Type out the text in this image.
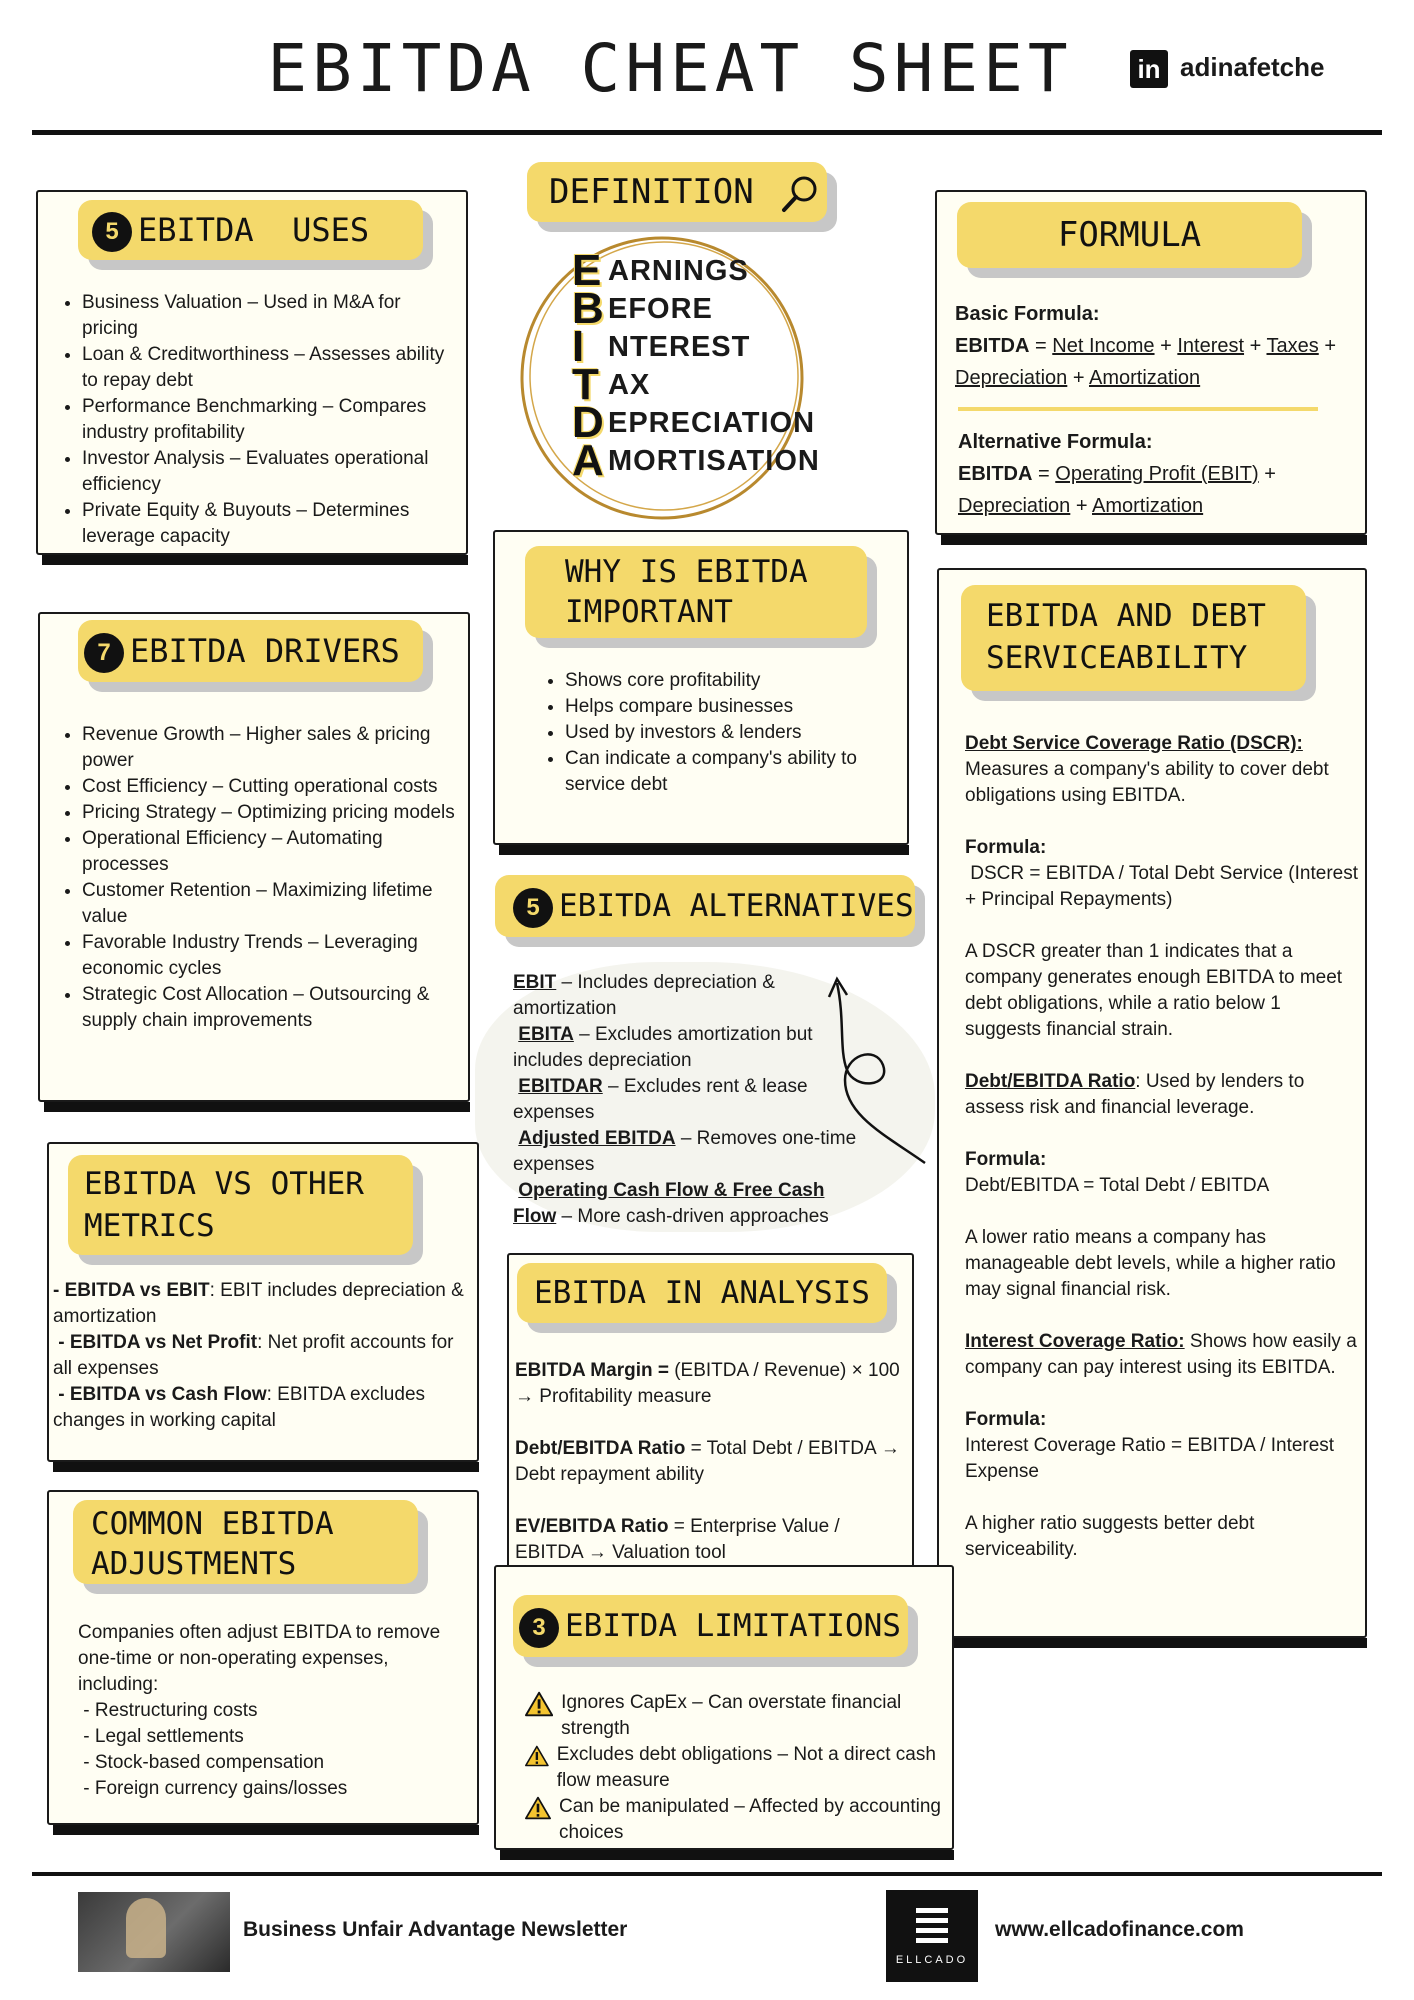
EBITDA CHEAT SHEET	in adinafetche
5 EBITDA  USES
• Business Valuation – Used in M&A for pricing
• Loan & Creditworthiness – Assesses ability to repay debt
• Performance Benchmarking – Compares industry profitability
• Investor Analysis – Evaluates operational efficiency
• Private Equity & Buyouts – Determines leverage capacity
DEFINITION
E ARNINGS
B EFORE
I NTEREST
T AX
D EPRECIATION
A MORTISATION
FORMULA
Basic Formula:
EBITDA = Net Income + Interest + Taxes + Depreciation + Amortization
Alternative Formula:
EBITDA = Operating Profit (EBIT) + Depreciation + Amortization
7 EBITDA DRIVERS
• Revenue Growth – Higher sales & pricing power
• Cost Efficiency – Cutting operational costs
• Pricing Strategy – Optimizing pricing models
• Operational Efficiency – Automating processes
• Customer Retention – Maximizing lifetime value
• Favorable Industry Trends – Leveraging economic cycles
• Strategic Cost Allocation – Outsourcing & supply chain improvements
WHY IS EBITDA IMPORTANT
• Shows core profitability
• Helps compare businesses
• Used by investors & lenders
• Can indicate a company's ability to service debt
5 EBITDA ALTERNATIVES
EBIT – Includes depreciation & amortization
EBITA – Excludes amortization but includes depreciation
EBITDAR – Excludes rent & lease expenses
Adjusted EBITDA – Removes one-time expenses
Operating Cash Flow & Free Cash Flow – More cash-driven approaches
EBITDA AND DEBT SERVICEABILITY
Debt Service Coverage Ratio (DSCR):
Measures a company's ability to cover debt obligations using EBITDA.
Formula:
DSCR = EBITDA / Total Debt Service (Interest + Principal Repayments)
A DSCR greater than 1 indicates that a company generates enough EBITDA to meet debt obligations, while a ratio below 1 suggests financial strain.
Debt/EBITDA Ratio: Used by lenders to assess risk and financial leverage.
Formula:
Debt/EBITDA = Total Debt / EBITDA
A lower ratio means a company has manageable debt levels, while a higher ratio may signal financial risk.
Interest Coverage Ratio: Shows how easily a company can pay interest using its EBITDA.
Formula:
Interest Coverage Ratio = EBITDA / Interest Expense
A higher ratio suggests better debt serviceability.
EBITDA VS OTHER METRICS
- EBITDA vs EBIT: EBIT includes depreciation & amortization
- EBITDA vs Net Profit: Net profit accounts for all expenses
- EBITDA vs Cash Flow: EBITDA excludes changes in working capital
EBITDA IN ANALYSIS
EBITDA Margin = (EBITDA / Revenue) × 100 → Profitability measure
Debt/EBITDA Ratio = Total Debt / EBITDA → Debt repayment ability
EV/EBITDA Ratio = Enterprise Value / EBITDA → Valuation tool
COMMON EBITDA ADJUSTMENTS
Companies often adjust EBITDA to remove one-time or non-operating expenses, including:
- Restructuring costs
- Legal settlements
- Stock-based compensation
- Foreign currency gains/losses
3 EBITDA LIMITATIONS
Ignores CapEx – Can overstate financial strength
Excludes debt obligations – Not a direct cash flow measure
Can be manipulated – Affected by accounting choices
Business Unfair Advantage Newsletter
ELLCADO
www.ellcadofinance.com
